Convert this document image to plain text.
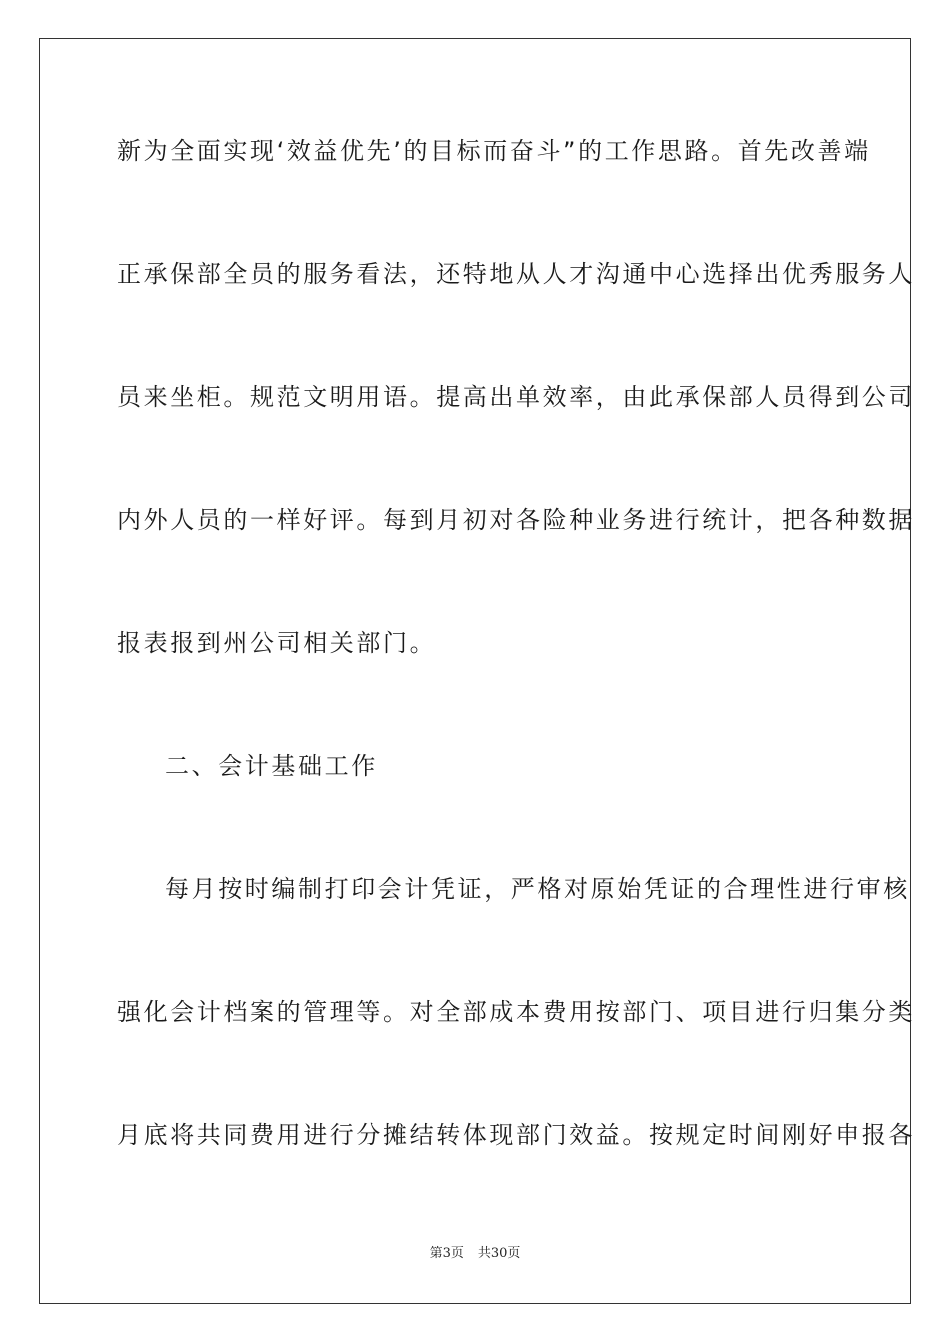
新为全面实现‘效益优先’的目标而奋斗”的工作思路。首先改善端
正承保部全员的服务看法，还特地从人才沟通中心选择出优秀服务人
员来坐柜。规范文明用语。提高出单效率，由此承保部人员得到公司
内外人员的一样好评。每到月初对各险种业务进行统计，把各种数据
报表报到州公司相关部门。
二、会计基础工作
每月按时编制打印会计凭证，严格对原始凭证的合理性进行审核
强化会计档案的管理等。对全部成本费用按部门、项目进行归集分类
月底将共同费用进行分摊结转体现部门效益。按规定时间刚好申报各
第3页 共30页
